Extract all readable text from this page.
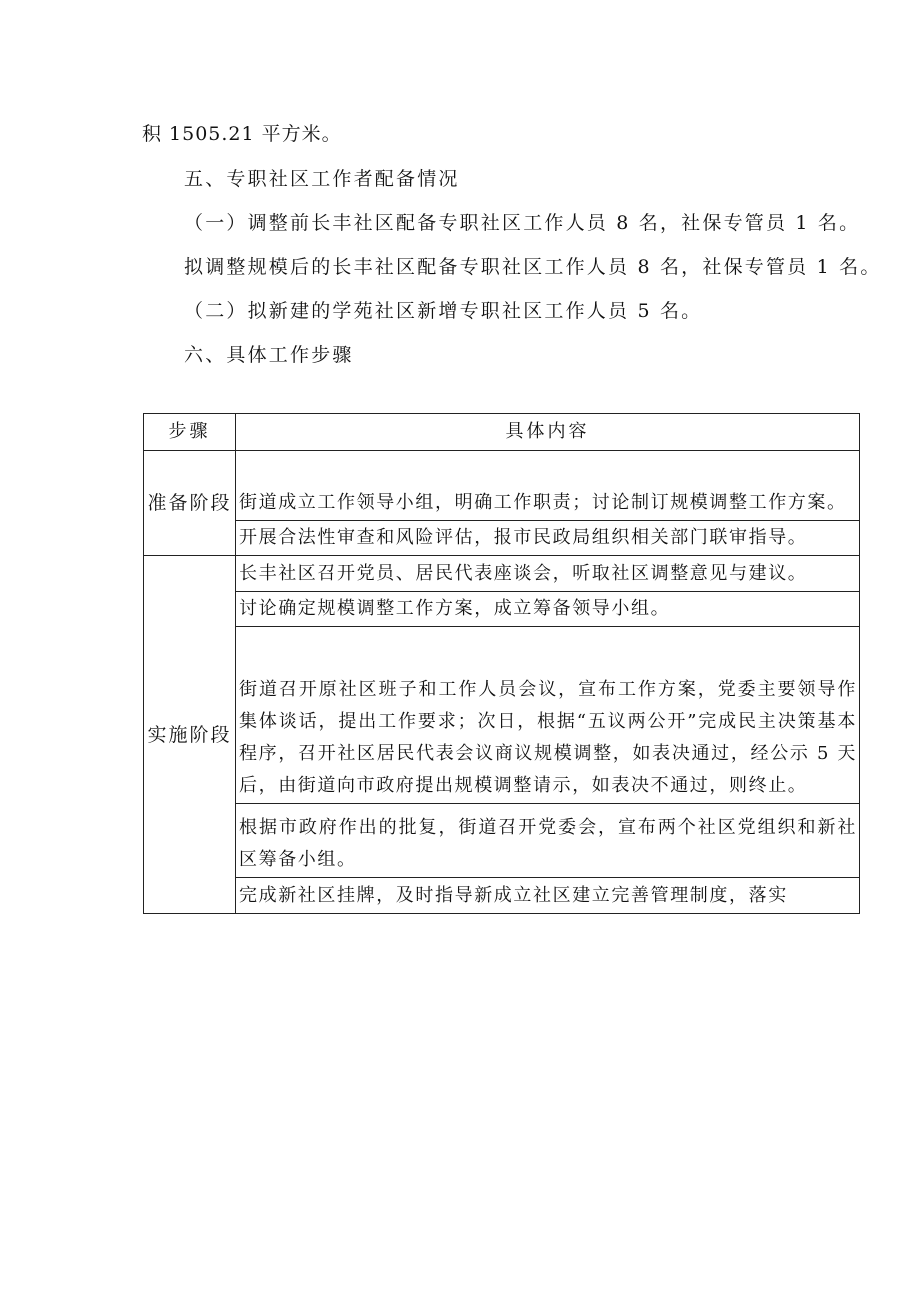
积 1505.21 平方米。
五、专职社区工作者配备情况
（一）调整前长丰社区配备专职社区工作人员 8 名，社保专管员 1 名。
拟调整规模后的长丰社区配备专职社区工作人员 8 名，社保专管员 1 名。
（二）拟新建的学苑社区新增专职社区工作人员 5 名。
六、具体工作步骤
步骤	具体内容
准备阶段	街道成立工作领导小组，明确工作职责；讨论制订规模调整工作方案。

	开展合法性审查和风险评估，报市民政局组织相关部门联审指导。

实施阶段	长丰社区召开党员、居民代表座谈会，听取社区调整意见与建议。

	讨论确定规模调整工作方案，成立筹备领导小组。

	街道召开原社区班子和工作人员会议，宣布工作方案，党委主要领导作集体谈话，提出工作要求；次日，根据“五议两公开”完成民主决策基本程序，召开社区居民代表会议商议规模调整，如表决通过，经公示 5 天后，由街道向市政府提出规模调整请示，如表决不通过，则终止。

	根据市政府作出的批复，街道召开党委会，宣布两个社区党组织和新社区筹备小组。

	完成新社区挂牌，及时指导新成立社区建立完善管理制度，落实
